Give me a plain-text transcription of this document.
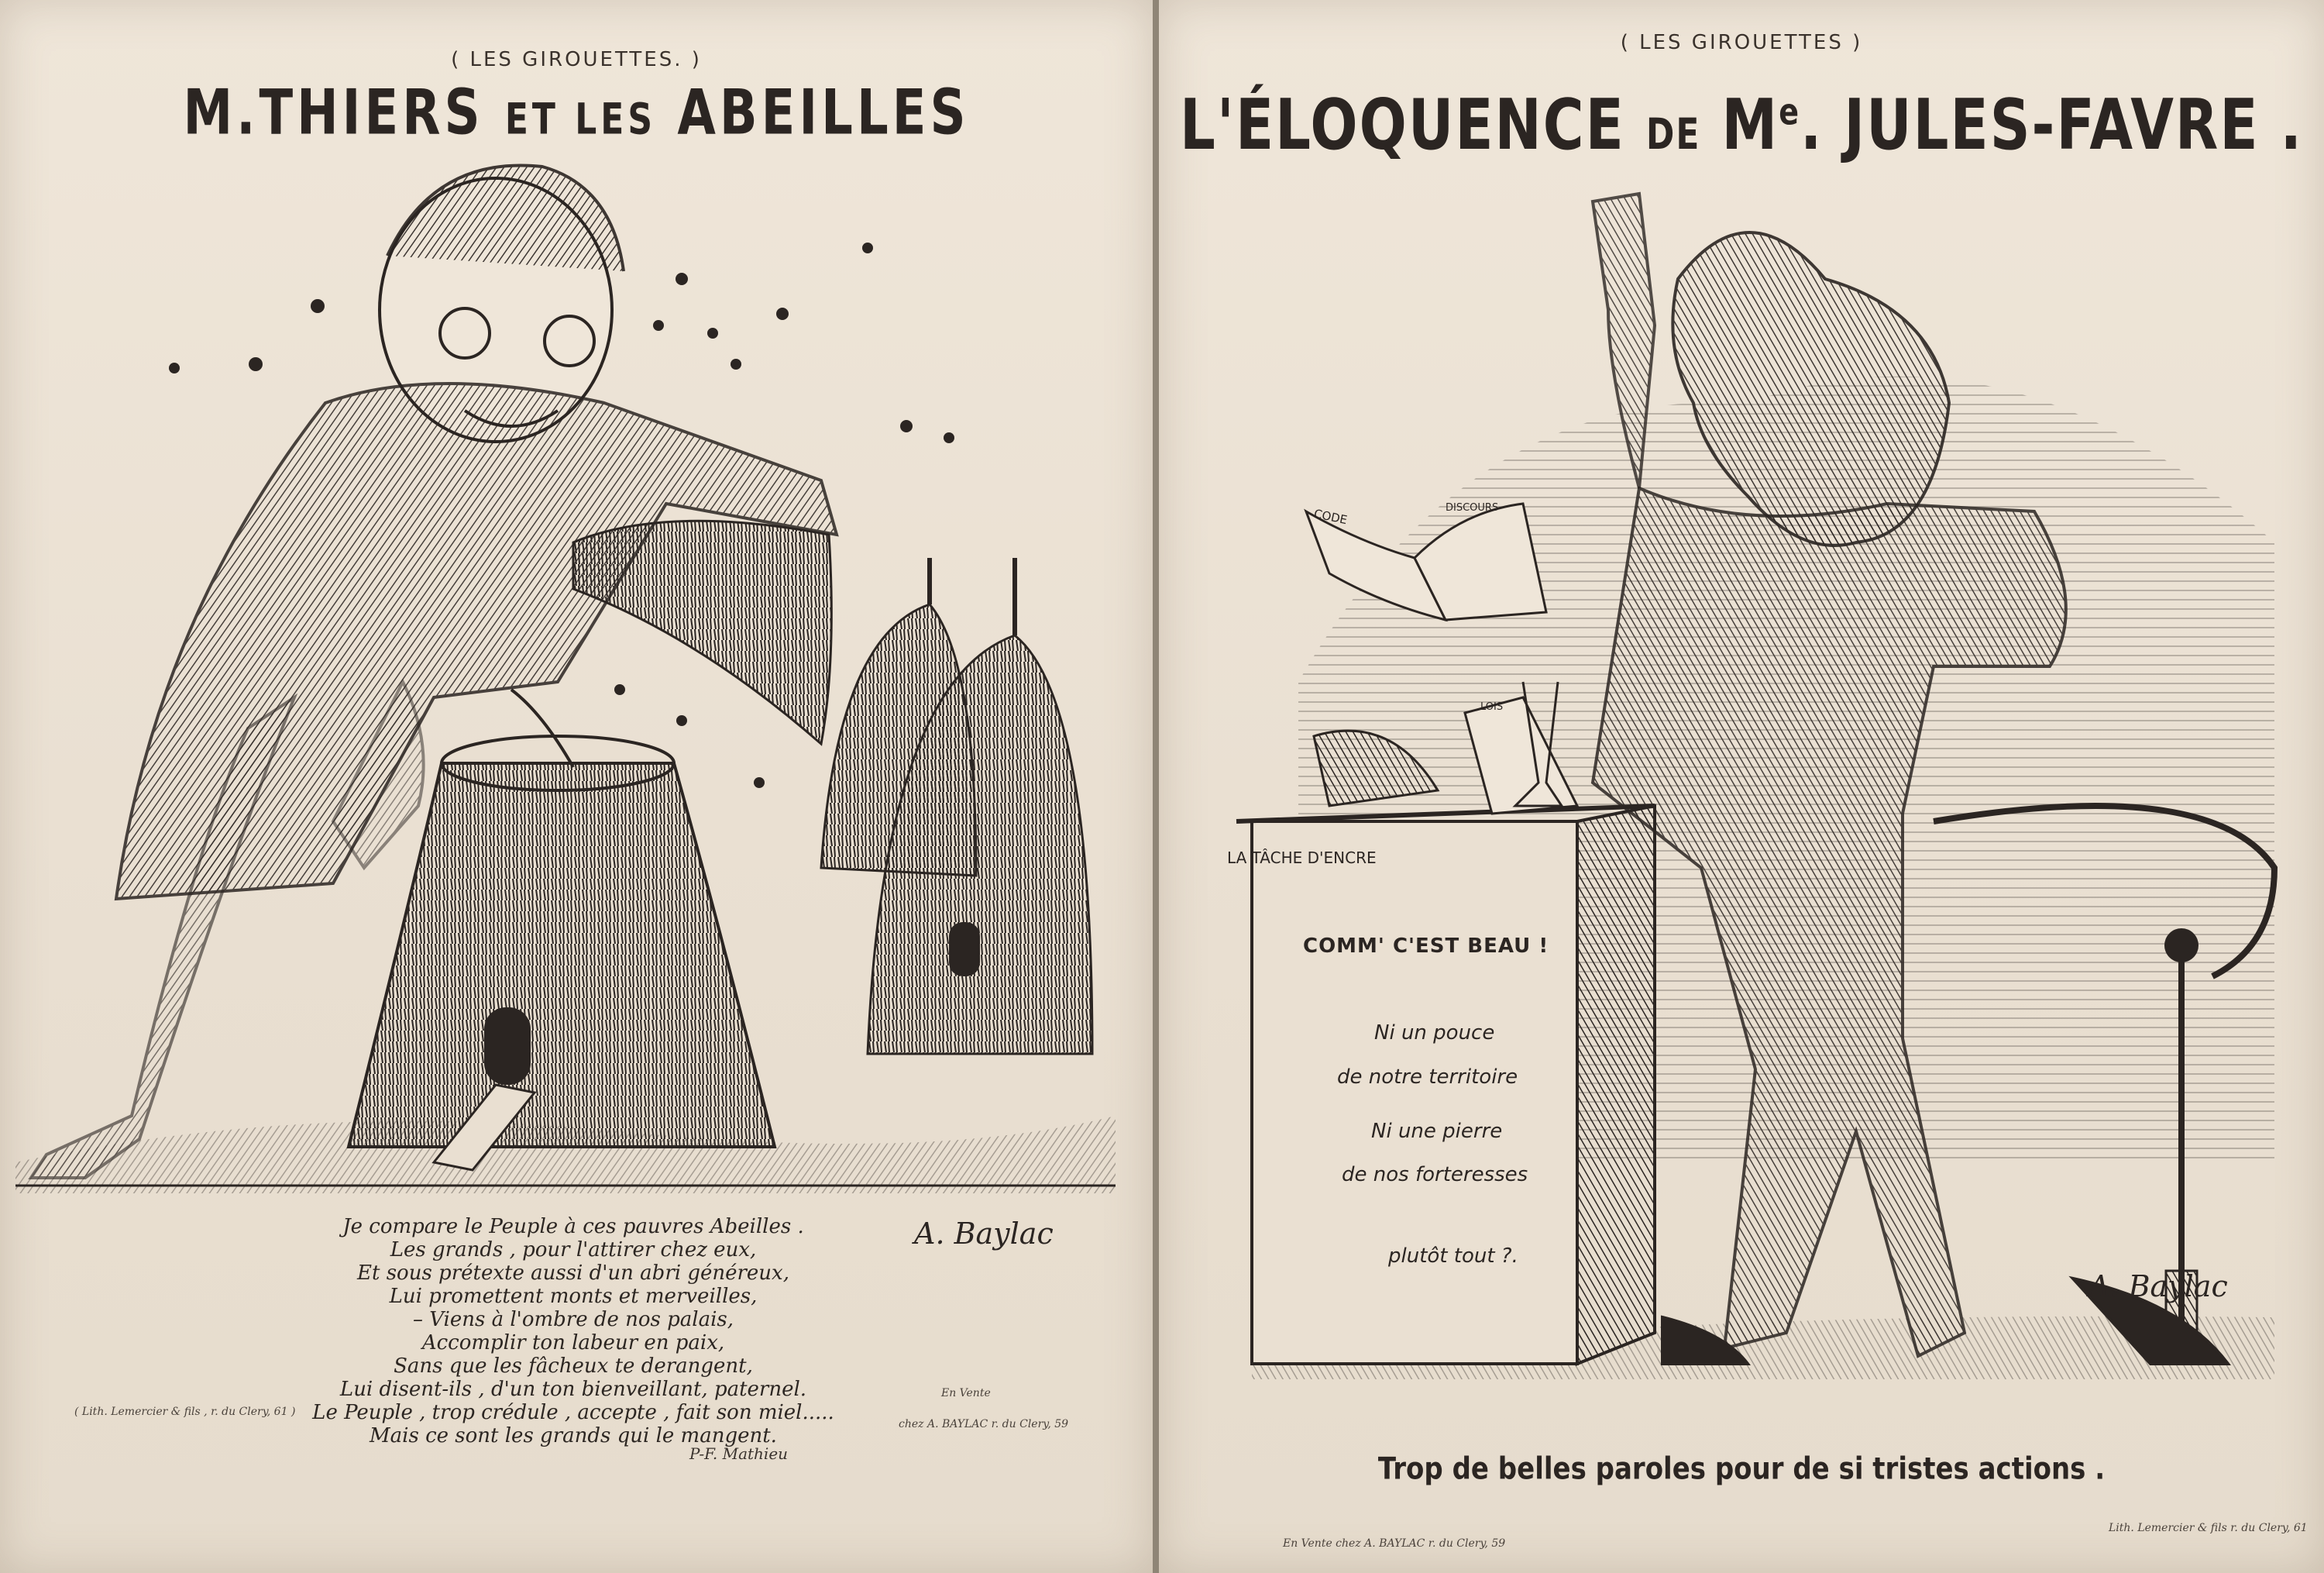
( LES GIROUETTES. )
M.THIERS ET LES ABEILLES
A. Baylac
Je compare le Peuple à ces pauvres Abeilles .
Les grands , pour l'attirer chez eux,
Et sous prétexte aussi d'un abri généreux,
Lui promettent monts et merveilles,
– Viens à l'ombre de nos palais,
Accomplir ton labeur en paix,
Sans que les fâcheux te derangent,
Lui disent-ils , d'un ton bienveillant, paternel.
Le Peuple , trop crédule , accepte , fait son miel.....
Mais ce sont les grands qui le mangent.
P-F. Mathieu
( Lith. Lemercier & fils , r. du Clery, 61 )
En Vente
chez A. BAYLAC r. du Clery, 59
( LES GIROUETTES )
L'ÉLOQUENCE DE Me. JULES-FAVRE .
LA TÂCHE D'ENCRE
CODE	DISCOURS
LOIS
COMM' C'EST BEAU !
Ni un pouce
de notre territoire
Ni une pierre
de nos forteresses
plutôt tout ?.
A. Baylac
Trop de belles paroles pour de si tristes actions .
En Vente chez A. BAYLAC r. du Clery, 59
Lith. Lemercier & fils r. du Clery, 61
